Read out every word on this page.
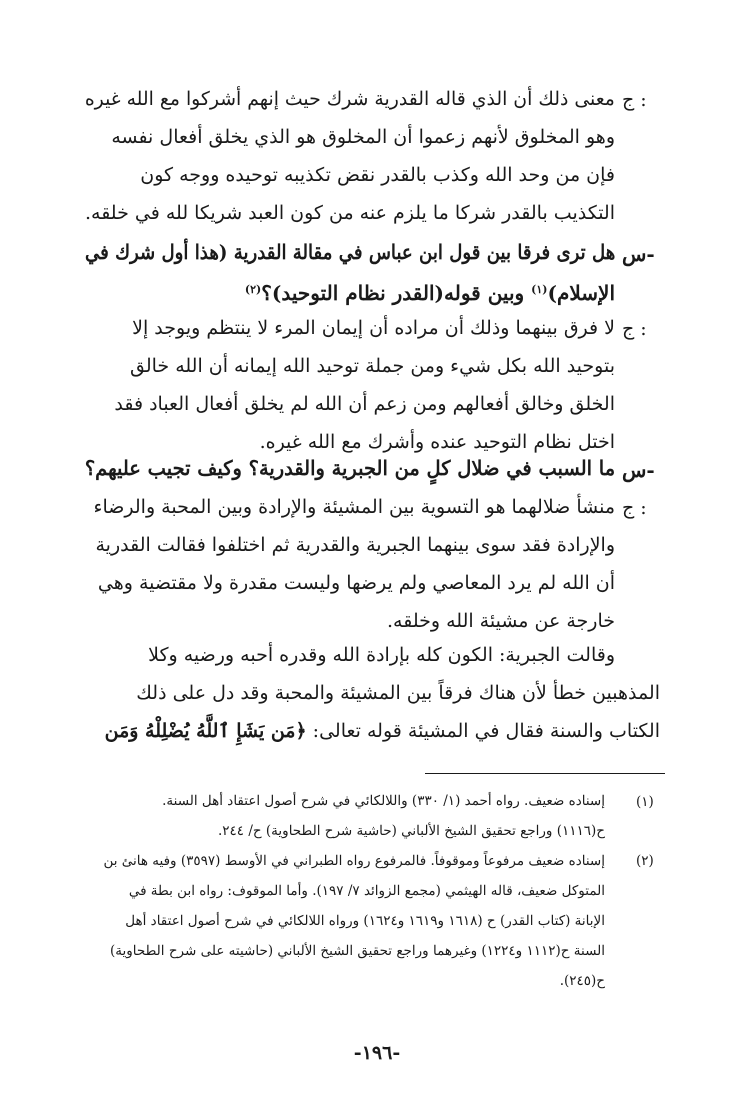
ج :
معنى ذلك أن الذي قاله القدرية شرك حيث إنهم أشركوا مع الله غيره
وهو المخلوق لأنهم زعموا أن المخلوق هو الذي يخلق أفعال نفسه
فإن من وحد الله وكذب بالقدر نقض تكذيبه توحيده ووجه كون
التكذيب بالقدر شركا ما يلزم عنه من كون العبد شريكا لله في خلقه.
س-
هل ترى فرقا بين قول ابن عباس في مقالة القدرية (هذا أول شرك في
الإسلام)$^{(١)}$ وبين قوله(القدر نظام التوحيد)؟$^{(٢)}$
ج :
لا فرق بينهما وذلك أن مراده أن إيمان المرء لا ينتظم ويوجد إلا
بتوحيد الله بكل شيء ومن جملة توحيد الله إيمانه أن الله خالق
الخلق وخالق أفعالهم ومن زعم أن الله لم يخلق أفعال العباد فقد
اختل نظام التوحيد عنده وأشرك مع الله غيره.
س-
ما السبب في ضلال كلٍ من الجبرية والقدرية؟ وكيف تجيب عليهم؟
ج :
منشأ ضلالهما هو التسوية بين المشيئة والإرادة وبين المحبة والرضاء
والإرادة فقد سوى بينهما الجبرية والقدرية ثم اختلفوا فقالت القدرية
أن الله لم يرد المعاصي ولم يرضها وليست مقدرة ولا مقتضية وهي
خارجة عن مشيئة الله وخلقه.
وقالت الجبرية: الكون كله بإرادة الله وقدره أحبه ورضيه وكلا
المذهبين خطأ لأن هناك فرقاً بين المشيئة والمحبة وقد دل على ذلك
الكتاب والسنة فقال في المشيئة قوله تعالى: ﴿مَن يَشَإِ ٱللَّهُ يُضْلِلْهُ وَمَن
(١)
إسناده ضعيف. رواه أحمد (١/ ٣٣٠) واللالكائي في شرح أصول اعتقاد أهل السنة.
ح(١١١٦) وراجع تحقيق الشيخ الألباني (حاشية شرح الطحاوية) ح/ ٢٤٤.
(٢)
إسناده ضعيف مرفوعاً وموقوفاً. فالمرفوع رواه الطبراني في الأوسط (٣٥٩٧) وفيه هانئ بن
المتوكل ضعيف، قاله الهيثمي (مجمع الزوائد ٧/ ١٩٧). وأما الموقوف: رواه ابن بطة في
الإبانة (كتاب القدر) ح (١٦١٨ و١٦١٩ و١٦٢٤) ورواه اللالكائي في شرح أصول اعتقاد أهل
السنة ح(١١١٢ و١٢٢٤) وغيرهما وراجع تحقيق الشيخ الألباني (حاشيته على شرح الطحاوية)
ح(٢٤٥).
-١٩٦-
